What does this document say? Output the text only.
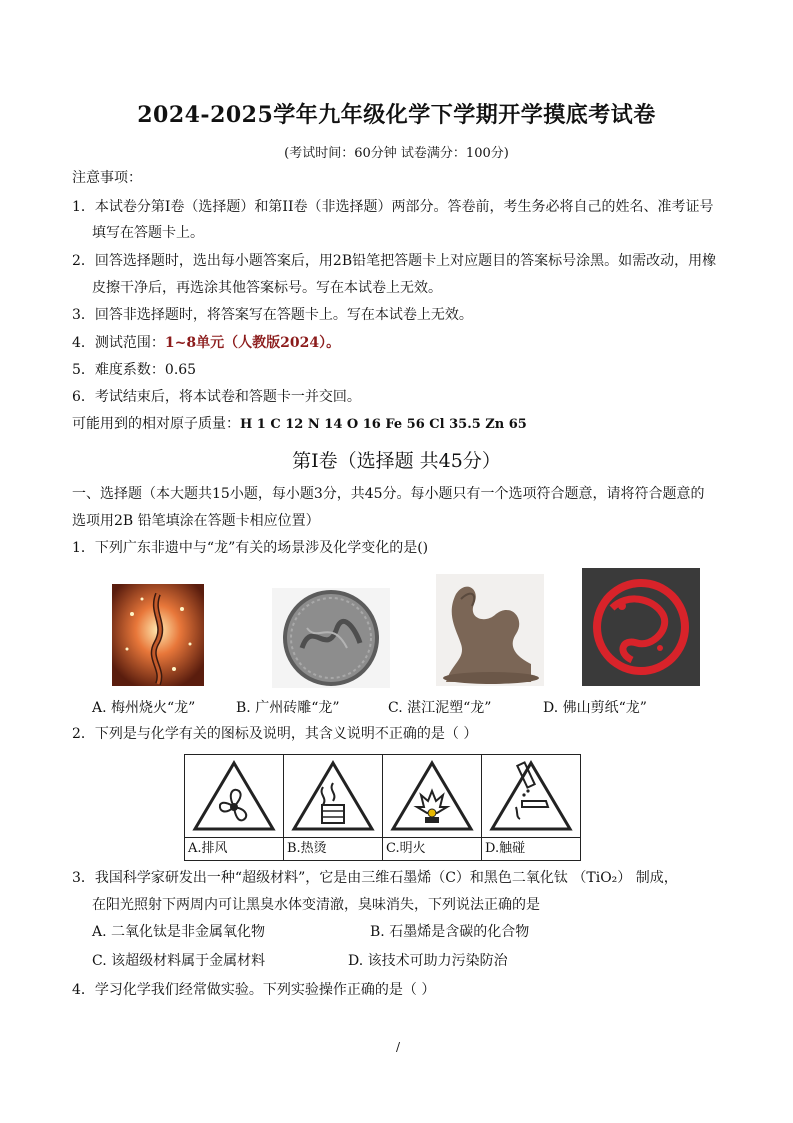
2024-2025学年九年级化学下学期开学摸底考试卷
(考试时间：60分钟 试卷满分：100分)
注意事项：
1．本试卷分第I卷（选择题）和第II卷（非选择题）两部分。答卷前，考生务必将自己的姓名、准考证号
填写在答题卡上。
2．回答选择题时，选出每小题答案后，用2B铅笔把答题卡上对应题目的答案标号涂黑。如需改动，用橡
皮擦干净后，再选涂其他答案标号。写在本试卷上无效。
3．回答非选择题时，将答案写在答题卡上。写在本试卷上无效。
4．测试范围：1~8单元（人教版2024）。
5．难度系数：0.65
6．考试结束后，将本试卷和答题卡一并交回。
可能用到的相对原子质量：H 1 C 12 N 14 O 16 Fe 56 Cl 35.5 Zn 65
第Ⅰ卷（选择题 共45分）
一、选择题（本大题共15小题，每小题3分，共45分。每小题只有一个选项符合题意，请将符合题意的
选项用2B 铅笔填涂在答题卡相应位置）
1．下列广东非遗中与“龙”有关的场景涉及化学变化的是()
A. 梅州烧火“龙”	B. 广州砖雕“龙”	C. 湛江泥塑“龙”	D. 佛山剪纸“龙”
2．下列是与化学有关的图标及说明，其含义说明不正确的是（ ）
A.排风	B.热烫	C.明火	D.触碰
3．我国科学家研发出一种“超级材料”，它是由三维石墨烯（C）和黑色二氧化钛 （TiO₂） 制成，
在阳光照射下两周内可让黑臭水体变清澈，臭味消失，下列说法正确的是
A. 二氧化钛是非金属氧化物	B. 石墨烯是含碳的化合物
C. 该超级材料属于金属材料	D. 该技术可助力污染防治
4．学习化学我们经常做实验。下列实验操作正确的是（ ）
/
